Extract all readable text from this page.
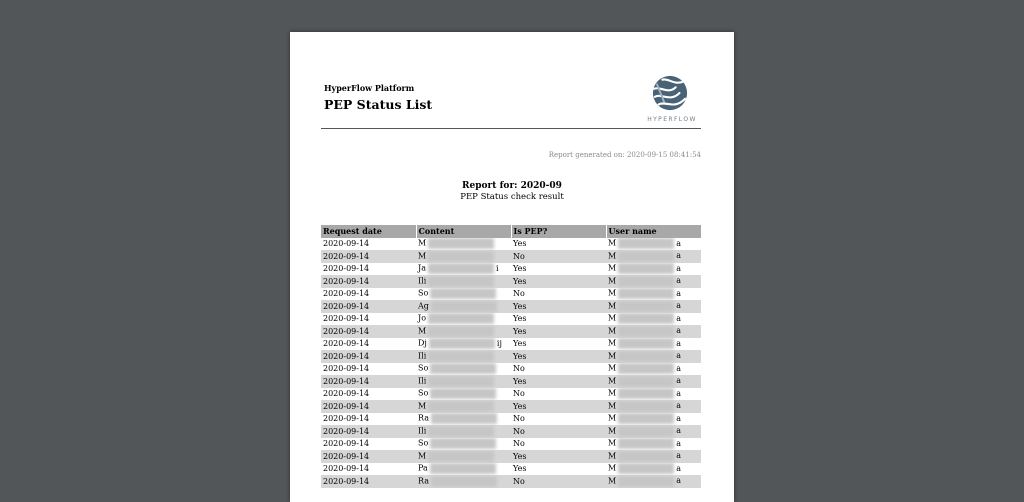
HyperFlow Platform
PEP Status List
HYPERFLOW
Report generated on: 2020-09-15 08:41:54
Report for: 2020-09
PEP Status check result
Request date	Content	Is PEP?	User name
2020-09-14	M	Yes	M a
2020-09-14	M	No	M a
2020-09-14	Ja i	Yes	M a
2020-09-14	Ili	Yes	M a
2020-09-14	So	No	M a
2020-09-14	Ag	Yes	M a
2020-09-14	Jo	Yes	M a
2020-09-14	M	Yes	M a
2020-09-14	Dj ij	Yes	M a
2020-09-14	Ili	Yes	M a
2020-09-14	So	No	M a
2020-09-14	Ili	Yes	M a
2020-09-14	So	No	M a
2020-09-14	M	Yes	M a
2020-09-14	Ra	No	M a
2020-09-14	Ili	No	M a
2020-09-14	So	No	M a
2020-09-14	M	Yes	M a
2020-09-14	Pa	Yes	M a
2020-09-14	Ra	No	M a
